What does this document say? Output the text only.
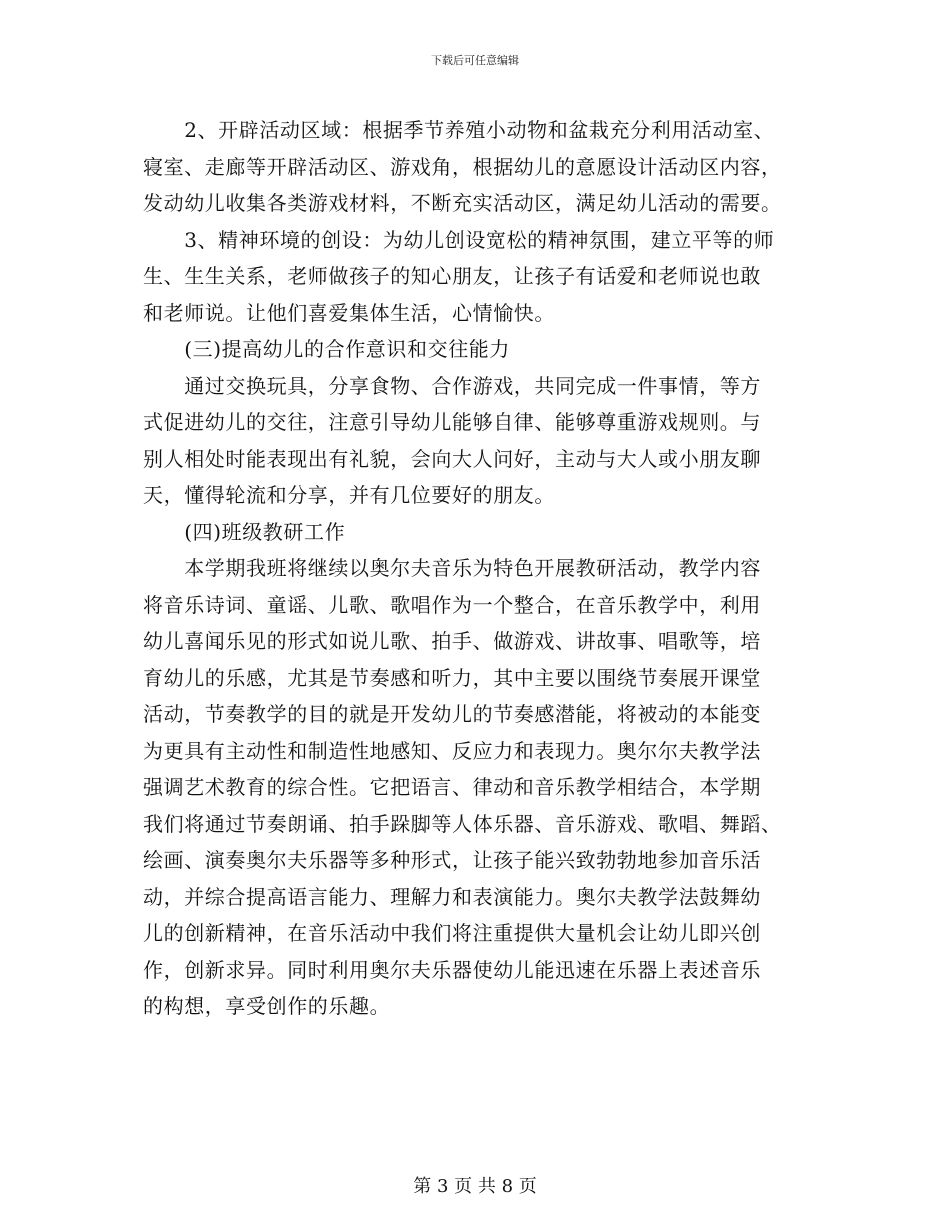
下载后可任意编辑
　　2、开辟活动区域：根据季节养殖小动物和盆栽充分利用活动室、
寝室、走廊等开辟活动区、游戏角，根据幼儿的意愿设计活动区内容，
发动幼儿收集各类游戏材料，不断充实活动区，满足幼儿活动的需要。
　　3、精神环境的创设：为幼儿创设宽松的精神氛围，建立平等的师
生、生生关系，老师做孩子的知心朋友，让孩子有话爱和老师说也敢
和老师说。让他们喜爱集体生活，心情愉快。
　　(三)提高幼儿的合作意识和交往能力
　　通过交换玩具，分享食物、合作游戏，共同完成一件事情，等方
式促进幼儿的交往，注意引导幼儿能够自律、能够尊重游戏规则。与
别人相处时能表现出有礼貌，会向大人问好，主动与大人或小朋友聊
天，懂得轮流和分享，并有几位要好的朋友。
　　(四)班级教研工作
　　本学期我班将继续以奥尔夫音乐为特色开展教研活动，教学内容
将音乐诗词、童谣、儿歌、歌唱作为一个整合，在音乐教学中，利用
幼儿喜闻乐见的形式如说儿歌、拍手、做游戏、讲故事、唱歌等，培
育幼儿的乐感，尤其是节奏感和听力，其中主要以围绕节奏展开课堂
活动，节奏教学的目的就是开发幼儿的节奏感潜能，将被动的本能变
为更具有主动性和制造性地感知、反应力和表现力。奥尔尔夫教学法
强调艺术教育的综合性。它把语言、律动和音乐教学相结合，本学期
我们将通过节奏朗诵、拍手跺脚等人体乐器、音乐游戏、歌唱、舞蹈、
绘画、演奏奥尔夫乐器等多种形式，让孩子能兴致勃勃地参加音乐活
动，并综合提高语言能力、理解力和表演能力。奥尔夫教学法鼓舞幼
儿的创新精神，在音乐活动中我们将注重提供大量机会让幼儿即兴创
作，创新求异。同时利用奥尔夫乐器使幼儿能迅速在乐器上表述音乐
的构想，享受创作的乐趣。
第 3 页 共 8 页
